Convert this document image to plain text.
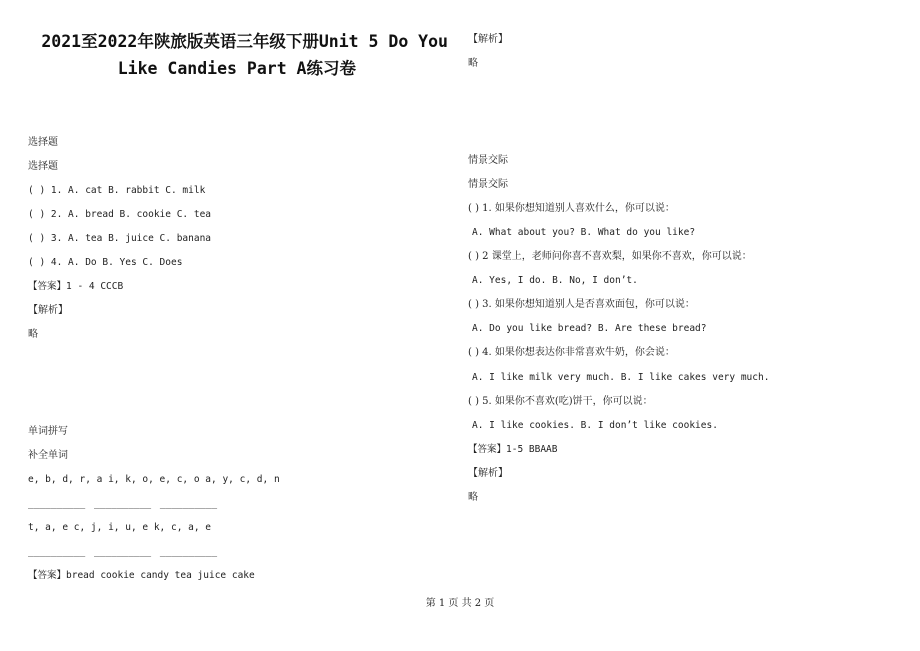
2021至2022年陕旅版英语三年级下册Unit 5 Do You
Like Candies Part A练习卷
选择题
选择题
( ) 1. A. cat B. rabbit C. milk
( ) 2. A. bread B. cookie C. tea
( ) 3. A. tea B. juice C. banana
( ) 4. A. Do B. Yes C. Does
【答案】1 - 4 CCCB
【解析】
略
单词拼写
补全单词
e, b, d, r, a i, k, o, e, c, o a, y, c, d, n
__________ __________ __________
t, a, e c, j, i, u, e k, c, a, e
__________ __________ __________
【答案】bread cookie candy tea juice cake
【解析】
略
情景交际
情景交际
( ) 1. 如果你想知道别人喜欢什么，你可以说：
A. What about you? B. What do you like?
( ) 2 课堂上，老师问你喜不喜欢梨，如果你不喜欢，你可以说：
A. Yes, I do. B. No, I don’t.
( ) 3. 如果你想知道别人是否喜欢面包，你可以说：
A. Do you like bread? B. Are these bread?
( ) 4. 如果你想表达你非常喜欢牛奶，你会说：
A. I like milk very much. B. I like cakes very much.
( ) 5. 如果你不喜欢(吃)饼干，你可以说：
A. I like cookies. B. I don’t like cookies.
【答案】1-5 BBAAB
【解析】
略
第 1 页 共 2 页
